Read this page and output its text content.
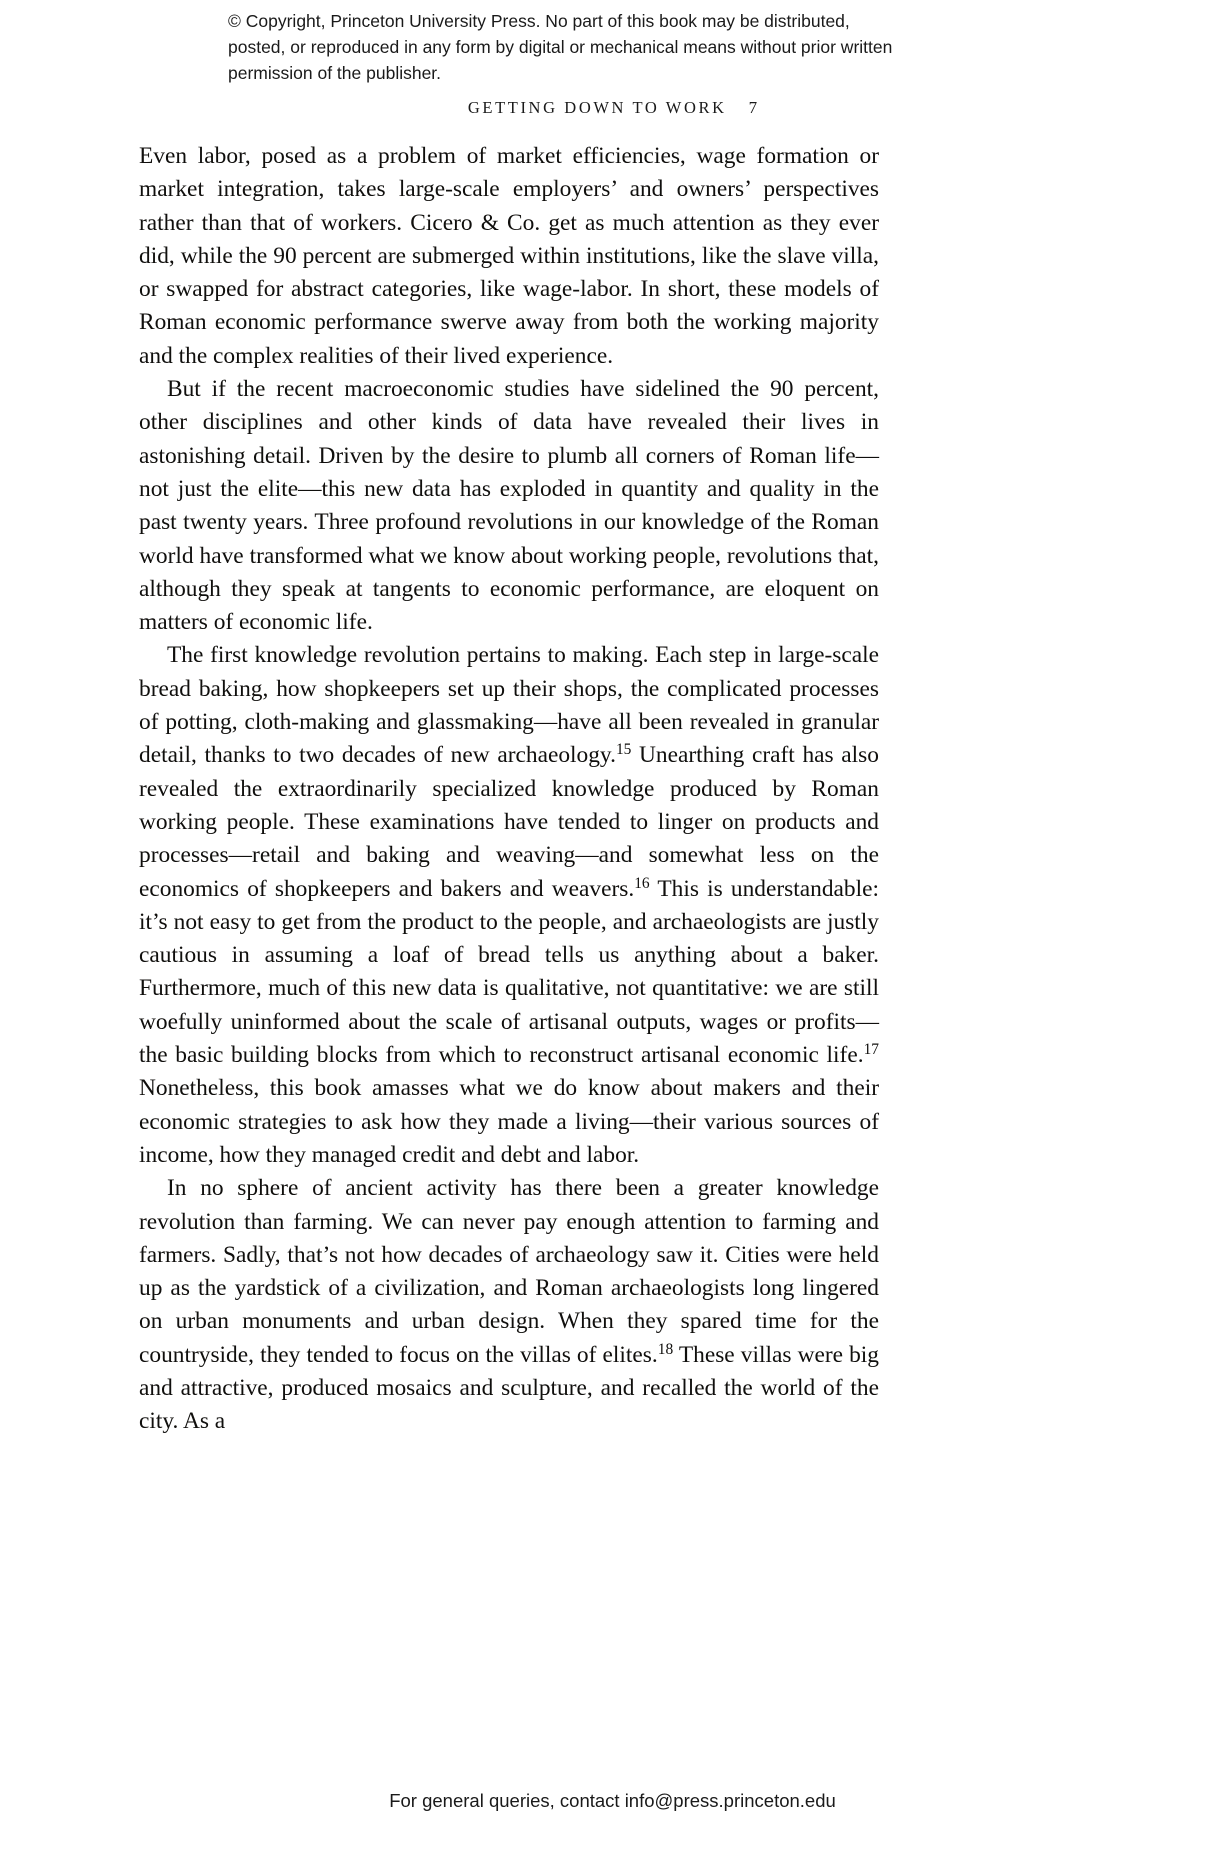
© Copyright, Princeton University Press. No part of this book may be distributed, posted, or reproduced in any form by digital or mechanical means without prior written permission of the publisher.
GETTING DOWN TO WORK 7

Even labor, posed as a problem of market efficiencies, wage formation or market integration, takes large-scale employers’ and owners’ perspectives rather than that of workers. Cicero & Co. get as much attention as they ever did, while the 90 percent are submerged within institutions, like the slave villa, or swapped for abstract categories, like wage-labor. In short, these models of Roman economic performance swerve away from both the working majority and the complex realities of their lived experience.

But if the recent macroeconomic studies have sidelined the 90 percent, other disciplines and other kinds of data have revealed their lives in astonishing detail. Driven by the desire to plumb all corners of Roman life—not just the elite—this new data has exploded in quantity and quality in the past twenty years. Three profound revolutions in our knowledge of the Roman world have transformed what we know about working people, revolutions that, although they speak at tangents to economic performance, are eloquent on matters of economic life.

The first knowledge revolution pertains to making. Each step in large-scale bread baking, how shopkeepers set up their shops, the complicated processes of potting, cloth-making and glassmaking—have all been revealed in granular detail, thanks to two decades of new archaeology.$^{15}$ Unearthing craft has also revealed the extraordinarily specialized knowledge produced by Roman working people. These examinations have tended to linger on products and processes—retail and baking and weaving—and somewhat less on the economics of shopkeepers and bakers and weavers.$^{16}$ This is understandable: it’s not easy to get from the product to the people, and archaeologists are justly cautious in assuming a loaf of bread tells us anything about a baker. Furthermore, much of this new data is qualitative, not quantitative: we are still woefully uninformed about the scale of artisanal outputs, wages or profits—the basic building blocks from which to reconstruct artisanal economic life.$^{17}$ Nonetheless, this book amasses what we do know about makers and their economic strategies to ask how they made a living—their various sources of income, how they managed credit and debt and labor.

In no sphere of ancient activity has there been a greater knowledge revolution than farming. We can never pay enough attention to farming and farmers. Sadly, that’s not how decades of archaeology saw it. Cities were held up as the yardstick of a civilization, and Roman archaeologists long lingered on urban monuments and urban design. When they spared time for the countryside, they tended to focus on the villas of elites.$^{18}$ These villas were big and attractive, produced mosaics and sculpture, and recalled the world of the city. As a

For general queries, contact info@press.princeton.edu
